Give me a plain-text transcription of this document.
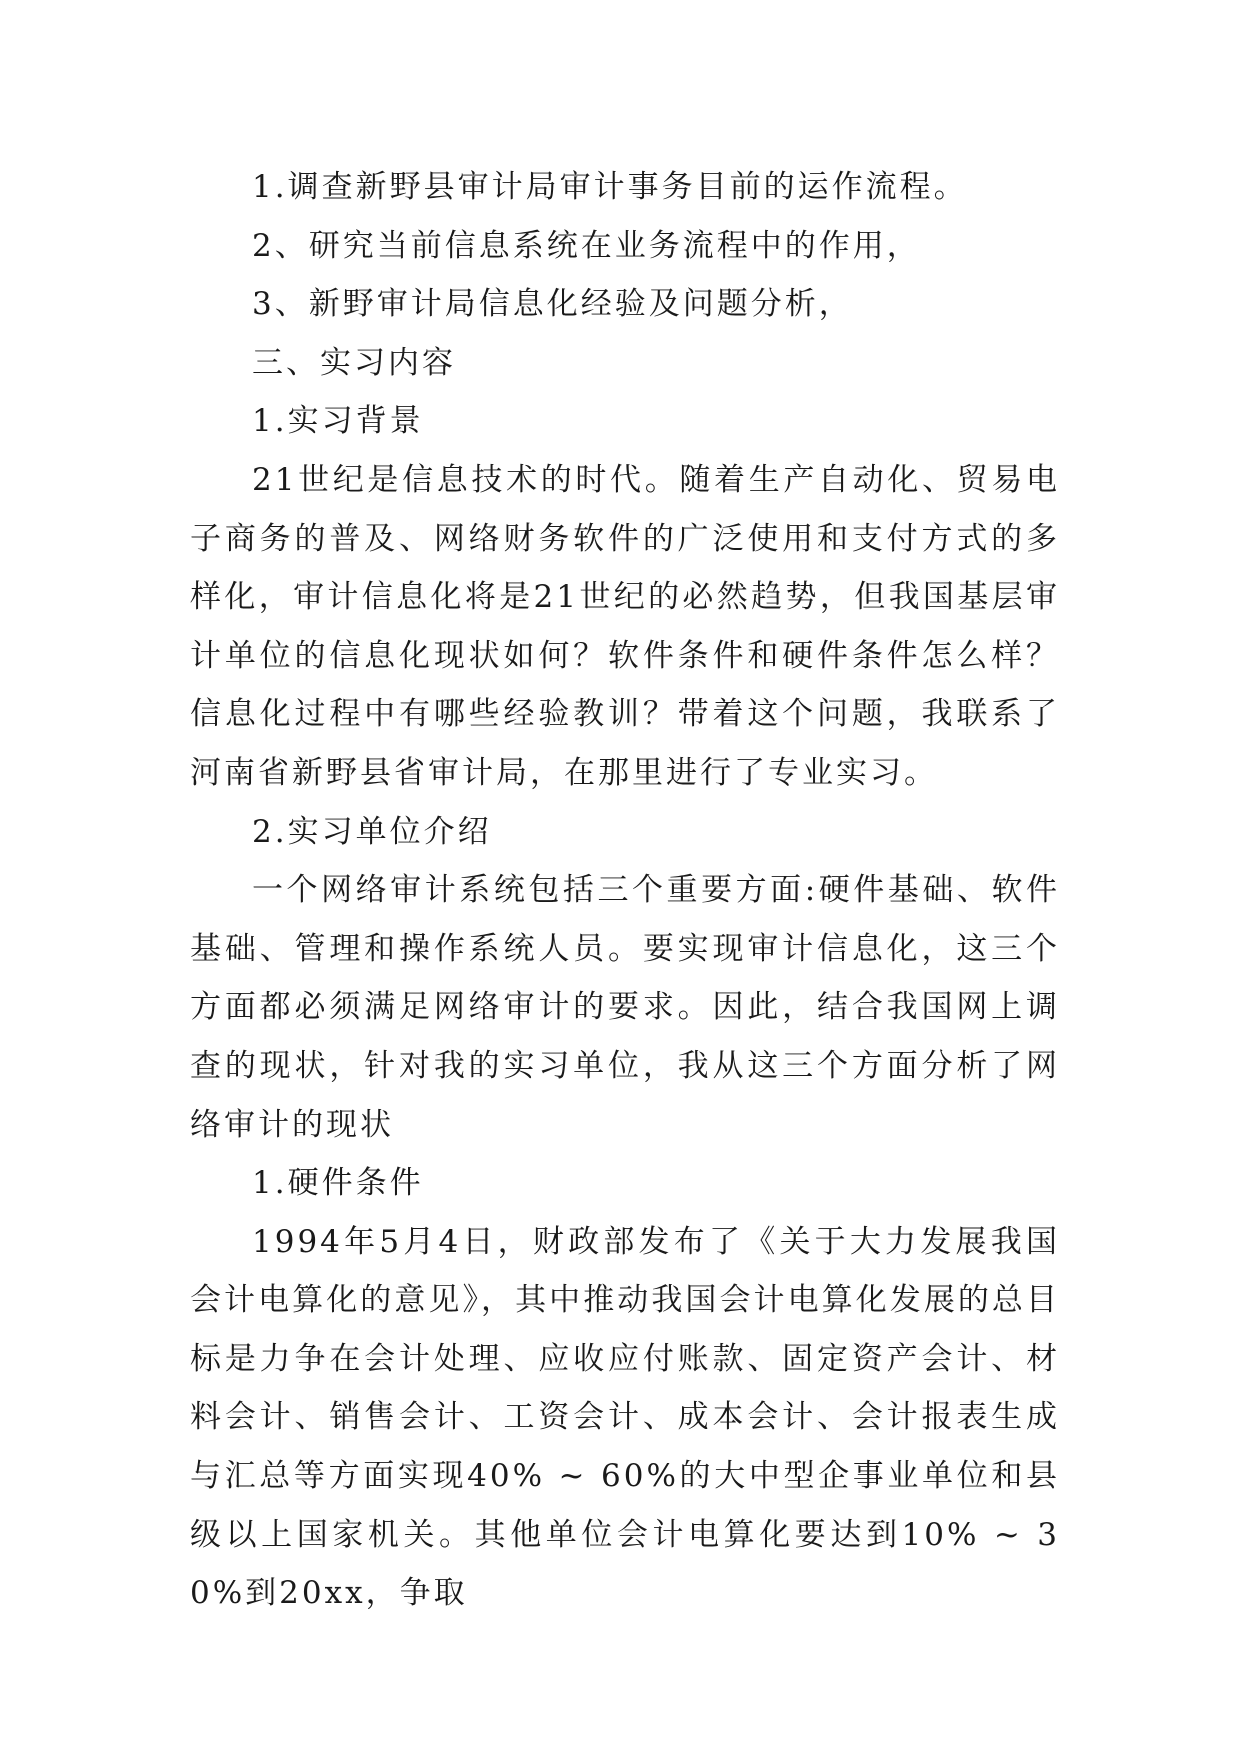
1.调查新野县审计局审计事务目前的运作流程。

2、研究当前信息系统在业务流程中的作用，

3、新野审计局信息化经验及问题分析，

三、实习内容

1.实习背景

21世纪是信息技术的时代。随着生产自动化、贸易电子商务的普及、网络财务软件的广泛使用和支付方式的多样化，审计信息化将是21世纪的必然趋势，但我国基层审计单位的信息化现状如何？软件条件和硬件条件怎么样？信息化过程中有哪些经验教训？带着这个问题，我联系了河南省新野县省审计局，在那里进行了专业实习。

2.实习单位介绍

一个网络审计系统包括三个重要方面:硬件基础、软件基础、管理和操作系统人员。要实现审计信息化，这三个方面都必须满足网络审计的要求。因此，结合我国网上调查的现状，针对我的实习单位，我从这三个方面分析了网络审计的现状

1.硬件条件

1994年5月4日，财政部发布了《关于大力发展我国会计电算化的意见》，其中推动我国会计电算化发展的总目标是力争在会计处理、应收应付账款、固定资产会计、材料会计、销售会计、工资会计、成本会计、会计报表生成与汇总等方面实现40% ~ 60%的大中型企事业单位和县级以上国家机关。其他单位会计电算化要达到10% ~ 30%到20xx，争取
